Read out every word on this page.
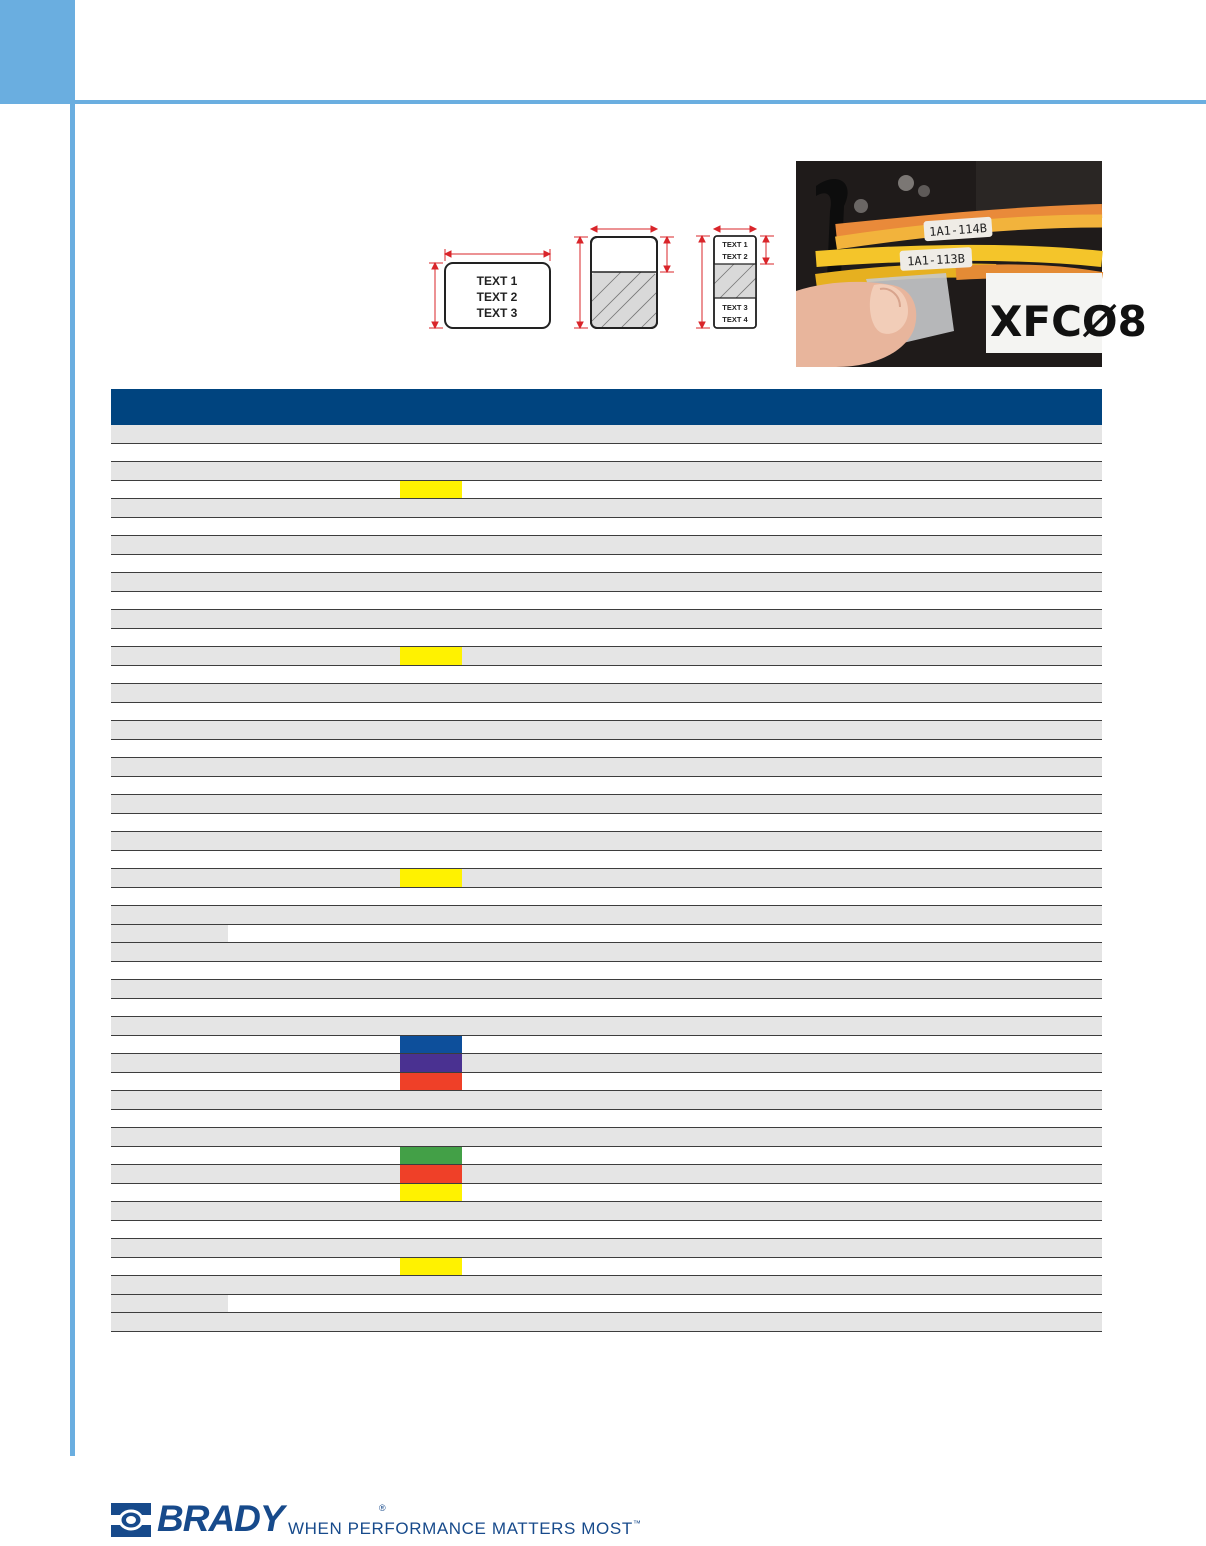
TEXT 1
TEXT 2
TEXT 3
TEXT 1
TEXT 2
TEXT 3
TEXT 4
1A1-114B
1A1-113B
XFCØ8
BRADY	®
WHEN PERFORMANCE MATTERS MOST™
